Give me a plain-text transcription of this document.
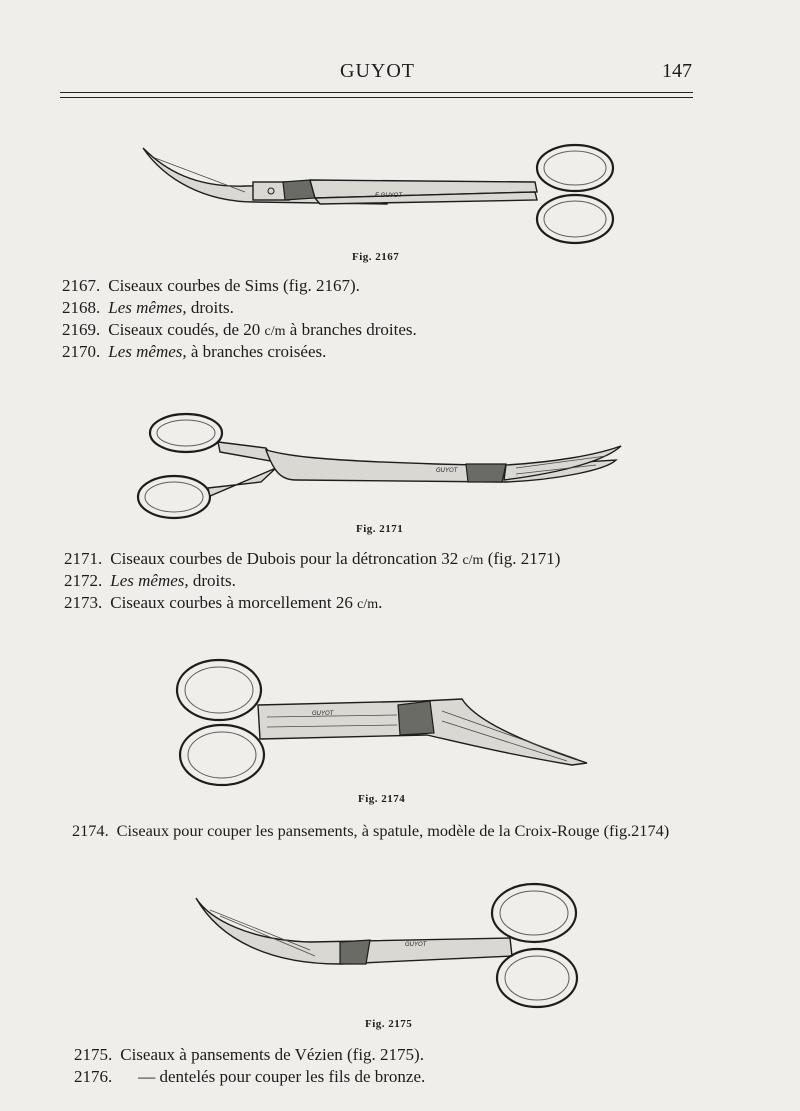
GUYOT	147
E.GUYOT
Fig. 2167
2167. Ciseaux courbes de Sims (fig. 2167).
2168. Les mêmes, droits.
2169. Ciseaux coudés, de 20 c/m à branches droites.
2170. Les mêmes, à branches croisées.
GUYOT
Fig. 2171
2171. Ciseaux courbes de Dubois pour la détroncation 32 c/m (fig. 2171)
2172. Les mêmes, droits.
2173. Ciseaux courbes à morcellement 26 c/m.
GUYOT
Fig. 2174
2174. Ciseaux pour couper les pansements, à spatule, modèle de la Croix-Rouge (fig.2174)
GUYOT
Fig. 2175
2175. Ciseaux à pansements de Vézien (fig. 2175).
2176. — dentelés pour couper les fils de bronze.
